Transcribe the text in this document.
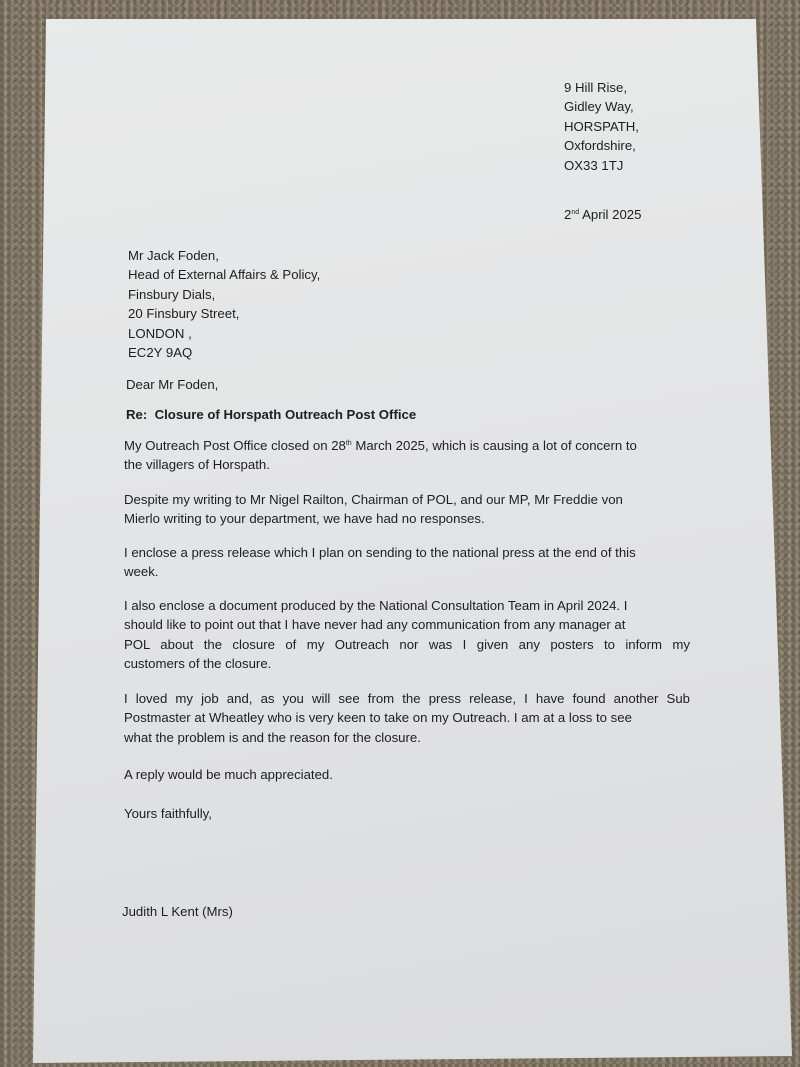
9 Hill Rise,
Gidley Way,
HORSPATH,
Oxfordshire,
OX33 1TJ
2nd April 2025
Mr Jack Foden,
Head of External Affairs & Policy,
Finsbury Dials,
20 Finsbury Street,
LONDON ,
EC2Y 9AQ
Dear Mr Foden,
Re:  Closure of Horspath Outreach Post Office
My Outreach Post Office closed on 28th March 2025, which is causing a lot of concern to
the villagers of Horspath.
Despite my writing to Mr Nigel Railton, Chairman of POL, and our MP, Mr Freddie von
Mierlo writing to your department, we have had no responses.
I enclose a press release which I plan on sending to the national press at the end of this
week.
I also enclose a document produced by the National Consultation Team in April 2024. I
should like to point out that I have never had any communication from any manager at
POL about the closure of my Outreach nor was I given any posters to inform my
customers of the closure.
I loved my job and, as you will see from the press release, I have found another Sub
Postmaster at Wheatley who is very keen to take on my Outreach. I am at a loss to see
what the problem is and the reason for the closure.
A reply would be much appreciated.
Yours faithfully,
Judith L Kent (Mrs)
